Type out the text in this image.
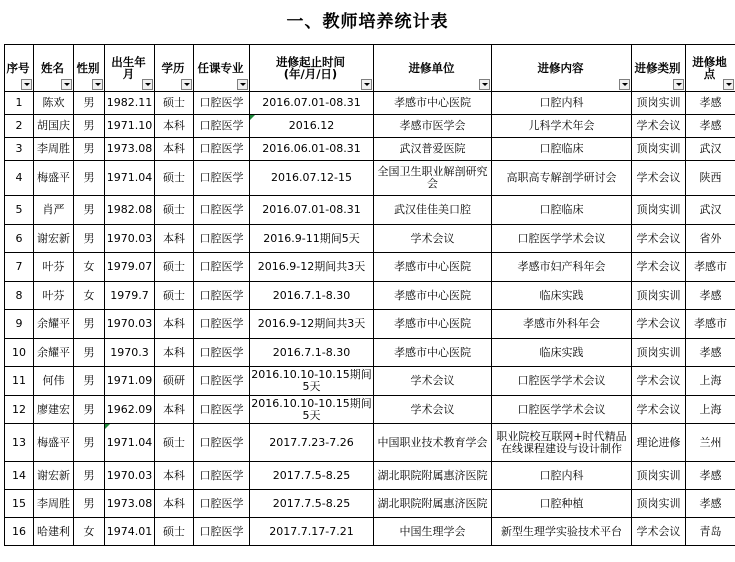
一、教师培养统计表
序号	姓名	性别	出生年月	学历	任课专业	进修起止时间
(年/月/日)	进修单位	进修内容	进修类别	进修地点

1	陈欢	男	1982.11	硕士	口腔医学	2016.07.01-08.31	孝感市中心医院	口腔内科	顶岗实训	孝感
2	胡国庆	男	1971.10	本科	口腔医学	2016.12	孝感市医学会	儿科学术年会	学术会议	孝感
3	李周胜	男	1973.08	本科	口腔医学	2016.06.01-08.31	武汉普爱医院	口腔临床	顶岗实训	武汉
4	梅盛平	男	1971.04	硕士	口腔医学	2016.07.12-15	全国卫生职业解剖研究会	高职高专解剖学研讨会	学术会议	陕西
5	肖严	男	1982.08	硕士	口腔医学	2016.07.01-08.31	武汉佳佳美口腔	口腔临床	顶岗实训	武汉
6	谢宏新	男	1970.03	本科	口腔医学	2016.9-11期间5天	学术会议	口腔医学学术会议	学术会议	省外
7	叶芬	女	1979.07	硕士	口腔医学	2016.9-12期间共3天	孝感市中心医院	孝感市妇产科年会	学术会议	孝感市
8	叶芬	女	1979.7	硕士	口腔医学	2016.7.1-8.30	孝感市中心医院	临床实践	顶岗实训	孝感
9	余耀平	男	1970.03	本科	口腔医学	2016.9-12期间共3天	孝感市中心医院	孝感市外科年会	学术会议	孝感市
10	余耀平	男	1970.3	本科	口腔医学	2016.7.1-8.30	孝感市中心医院	临床实践	顶岗实训	孝感
11	何伟	男	1971.09	硕研	口腔医学	2016.10.10-10.15期间5天	学术会议	口腔医学学术会议	学术会议	上海
12	廖建宏	男	1962.09	本科	口腔医学	2016.10.10-10.15期间5天	学术会议	口腔医学学术会议	学术会议	上海
13	梅盛平	男	1971.04	硕士	口腔医学	2017.7.23-7.26	中国职业技术教育学会	职业院校互联网+时代精品在线课程建设与设计制作	理论进修	兰州
14	谢宏新	男	1970.03	本科	口腔医学	2017.7.5-8.25	湖北职院附属惠济医院	口腔内科	顶岗实训	孝感
15	李周胜	男	1973.08	本科	口腔医学	2017.7.5-8.25	湖北职院附属惠济医院	口腔种植	顶岗实训	孝感
16	哈建利	女	1974.01	硕士	口腔医学	2017.7.17-7.21	中国生理学会	新型生理学实验技术平台	学术会议	青岛
